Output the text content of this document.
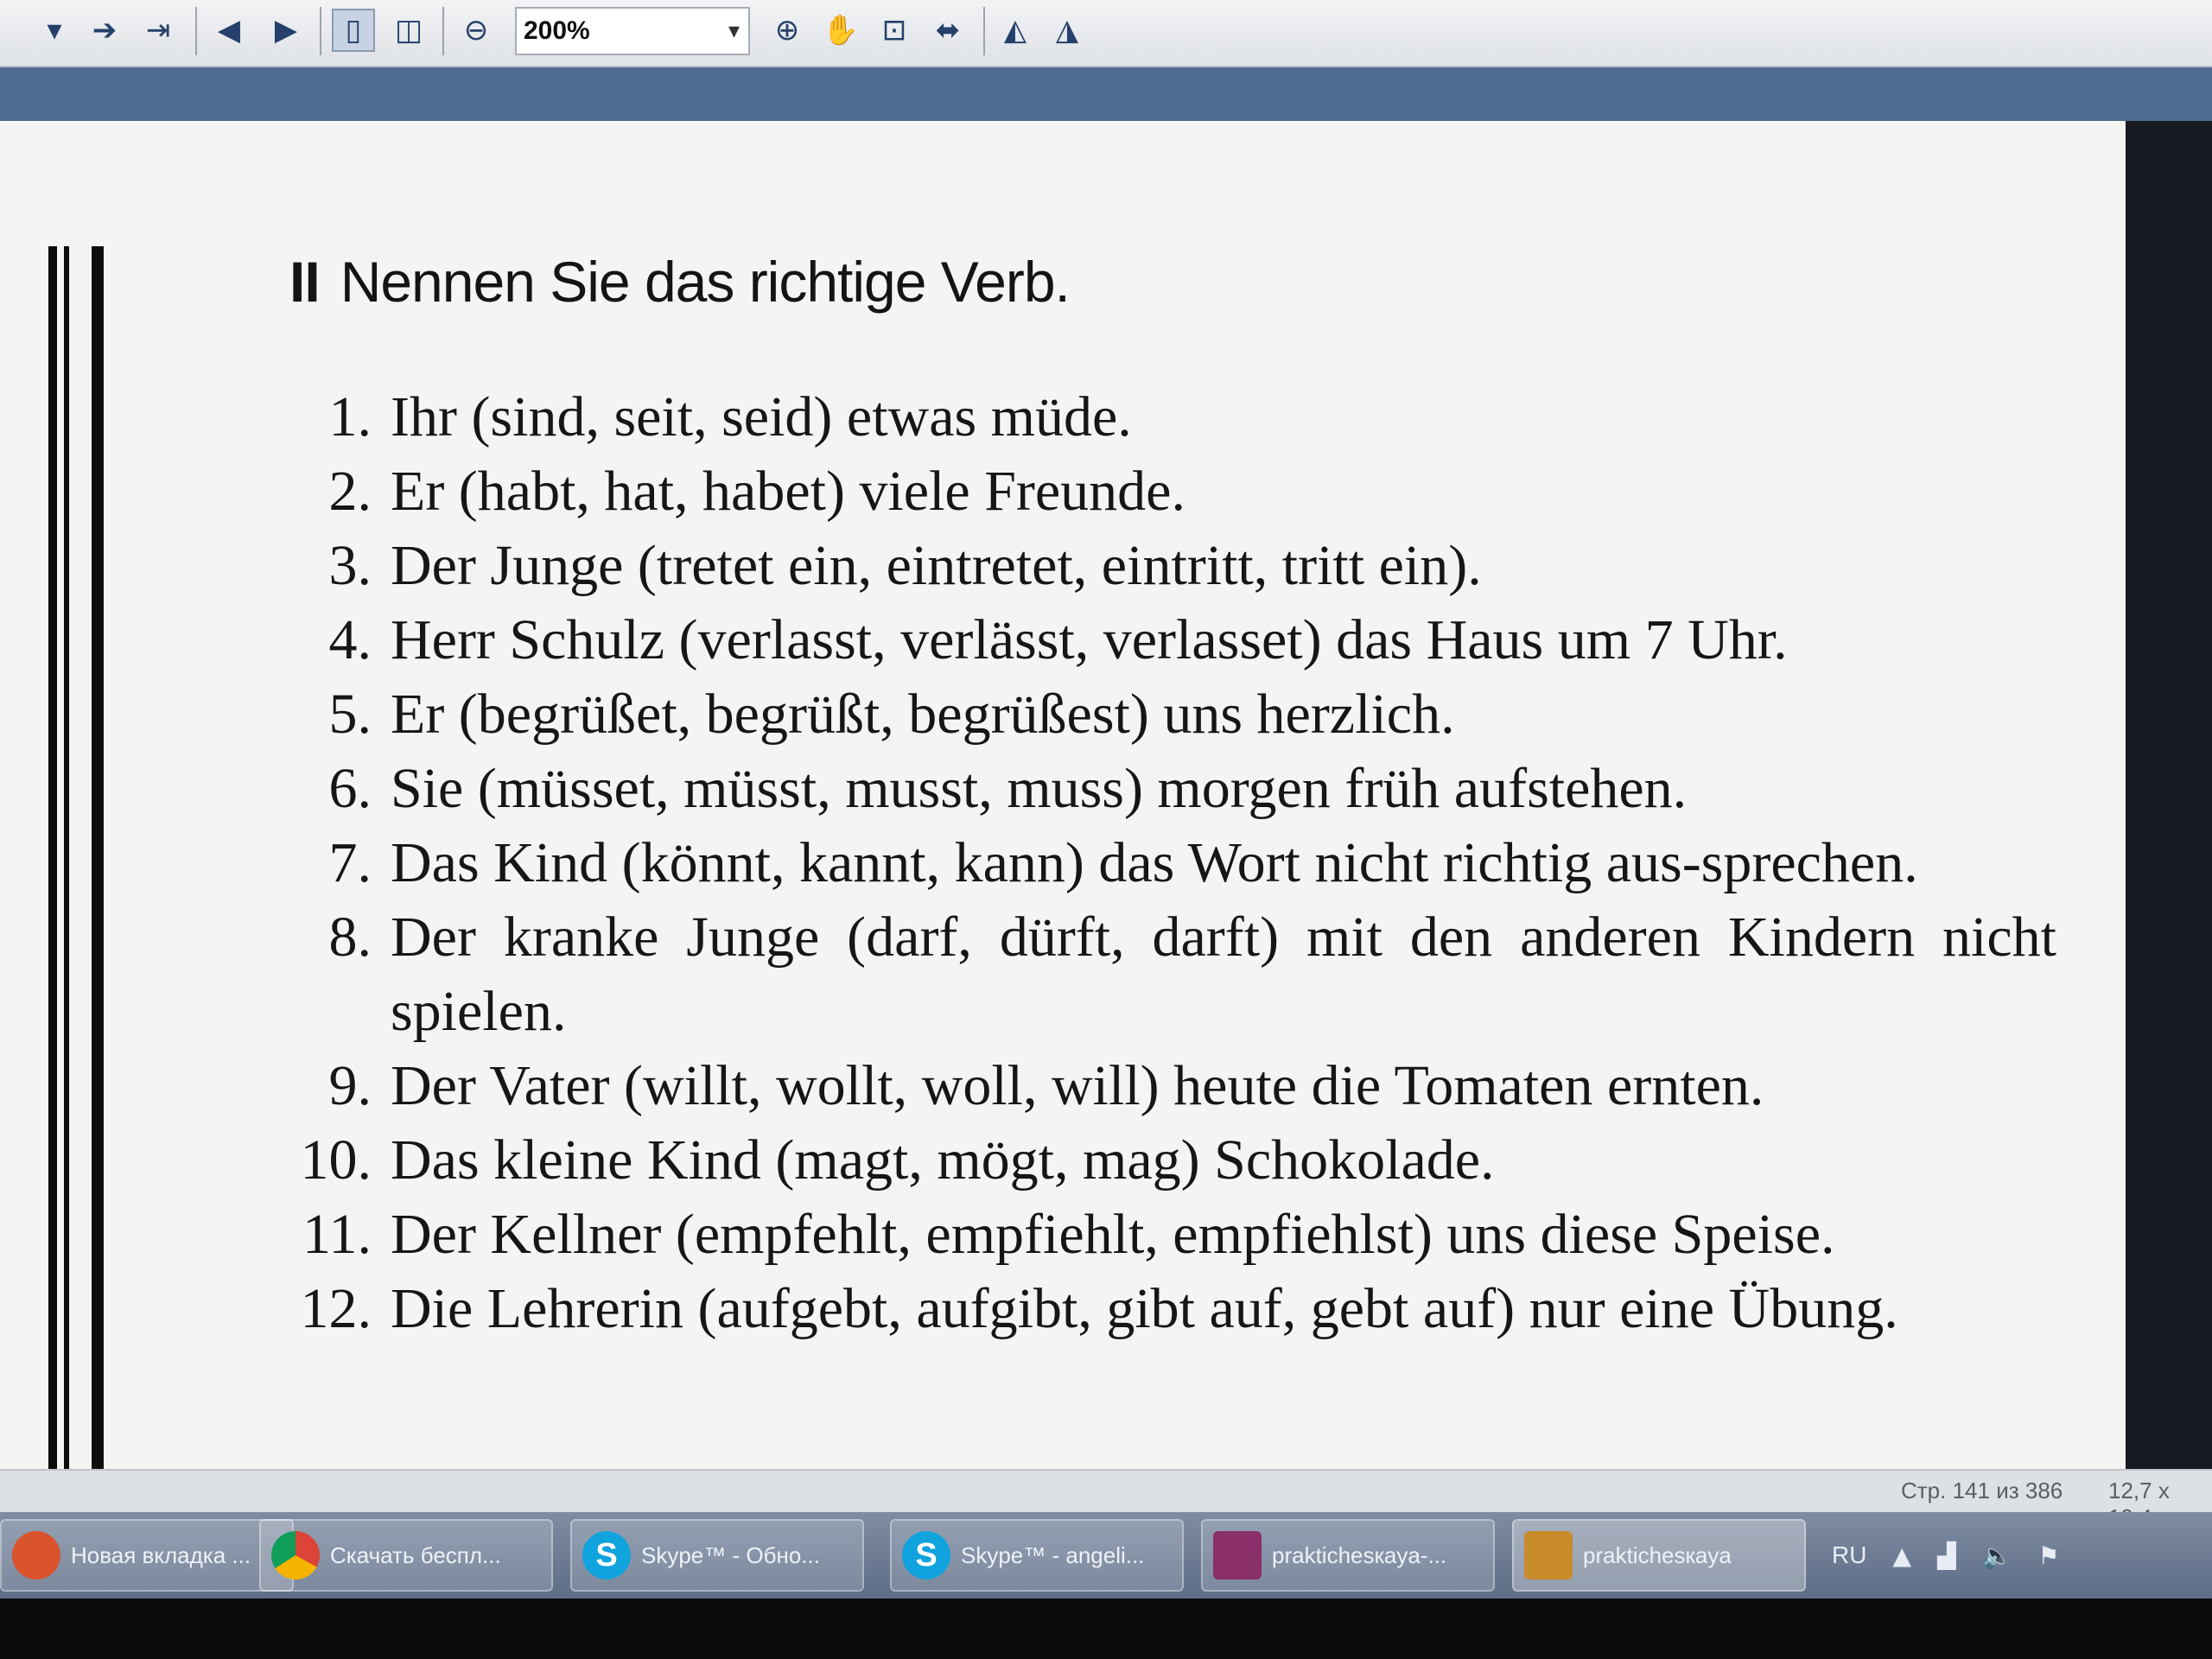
▾	➔ ⇥	◀	▶	▯	◫	⊖	200%	▾	⊕ ✋ ⊡ ⬌	◭ ◮
II Nennen Sie das richtige Verb.
1. Ihr (sind, seit, seid) etwas müde.
2. Er (habt, hat, habet) viele Freunde.
3. Der Junge (tretet ein, eintretet, eintritt, tritt ein).
4. Herr Schulz (verlasst, verlässt, verlasset) das Haus um 7 Uhr.
5. Er (begrüßet, begrüßt, begrüßest) uns herzlich.
6. Sie (müsset, müsst, musst, muss) morgen früh aufstehen.
7. Das Kind (könnt, kannt, kann) das Wort nicht richtig aus-sprechen.
8. Der kranke Junge (darf, dürft, darft) mit den anderen Kindern nicht spielen.
9. Der Vater (willt, wollt, woll, will) heute die Tomaten ernten.
10. Das kleine Kind (magt, mögt, mag) Schokolade.
11. Der Kellner (empfehlt, empfiehlt, empfiehlst) uns diese Speise.
12. Die Lehrerin (aufgebt, aufgibt, gibt auf, gebt auf) nur eine Übung.
Стр. 141 из 386 12,7 x
Новая вкладка ...	Скачать беспл...	S	Skype™ - Обно...	S	Skype™ - angeli...	praktichesкaya-...	praktichesкaya	RU ▲ ▟ 🔈 ⚑
